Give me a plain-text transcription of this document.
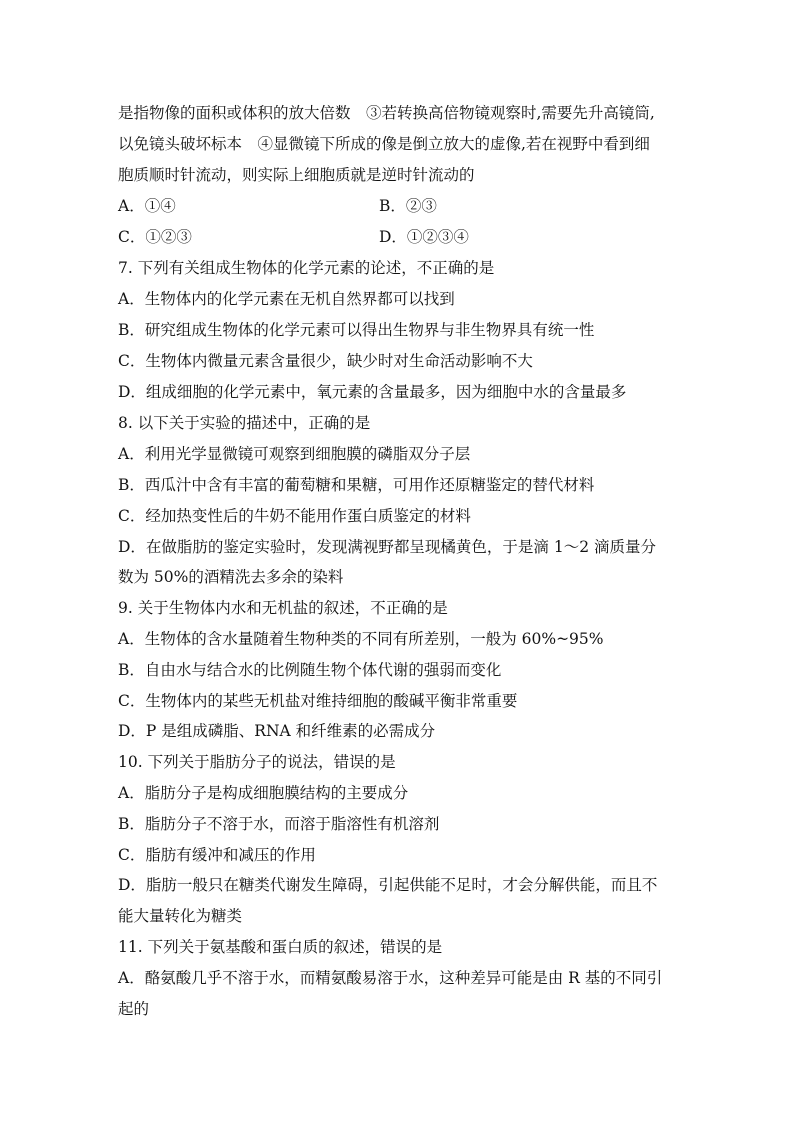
是指物像的面积或体积的放大倍数　③若转换高倍物镜观察时,需要先升高镜筒,
以免镜头破坏标本　④显微镜下所成的像是倒立放大的虚像,若在视野中看到细
胞质顺时针流动，则实际上细胞质就是逆时针流动的
A．①④	B．②③
C．①②③	D．①②③④
7. 下列有关组成生物体的化学元素的论述，不正确的是
A．生物体内的化学元素在无机自然界都可以找到
B．研究组成生物体的化学元素可以得出生物界与非生物界具有统一性
C．生物体内微量元素含量很少，缺少时对生命活动影响不大
D．组成细胞的化学元素中，氧元素的含量最多，因为细胞中水的含量最多
8. 以下关于实验的描述中，正确的是
A．利用光学显微镜可观察到细胞膜的磷脂双分子层
B．西瓜汁中含有丰富的葡萄糖和果糖，可用作还原糖鉴定的替代材料
C．经加热变性后的牛奶不能用作蛋白质鉴定的材料
D．在做脂肪的鉴定实验时，发现满视野都呈现橘黄色，于是滴 1～2 滴质量分
数为 50%的酒精洗去多余的染料
9. 关于生物体内水和无机盐的叙述，不正确的是
A．生物体的含水量随着生物种类的不同有所差别，一般为 60%~95%
B．自由水与结合水的比例随生物个体代谢的强弱而变化
C．生物体内的某些无机盐对维持细胞的酸碱平衡非常重要
D．P 是组成磷脂、RNA 和纤维素的必需成分
10. 下列关于脂肪分子的说法，错误的是
A．脂肪分子是构成细胞膜结构的主要成分
B．脂肪分子不溶于水，而溶于脂溶性有机溶剂
C．脂肪有缓冲和减压的作用
D．脂肪一般只在糖类代谢发生障碍，引起供能不足时，才会分解供能，而且不
能大量转化为糖类
11. 下列关于氨基酸和蛋白质的叙述，错误的是
A．酪氨酸几乎不溶于水，而精氨酸易溶于水，这种差异可能是由 R 基的不同引
起的
